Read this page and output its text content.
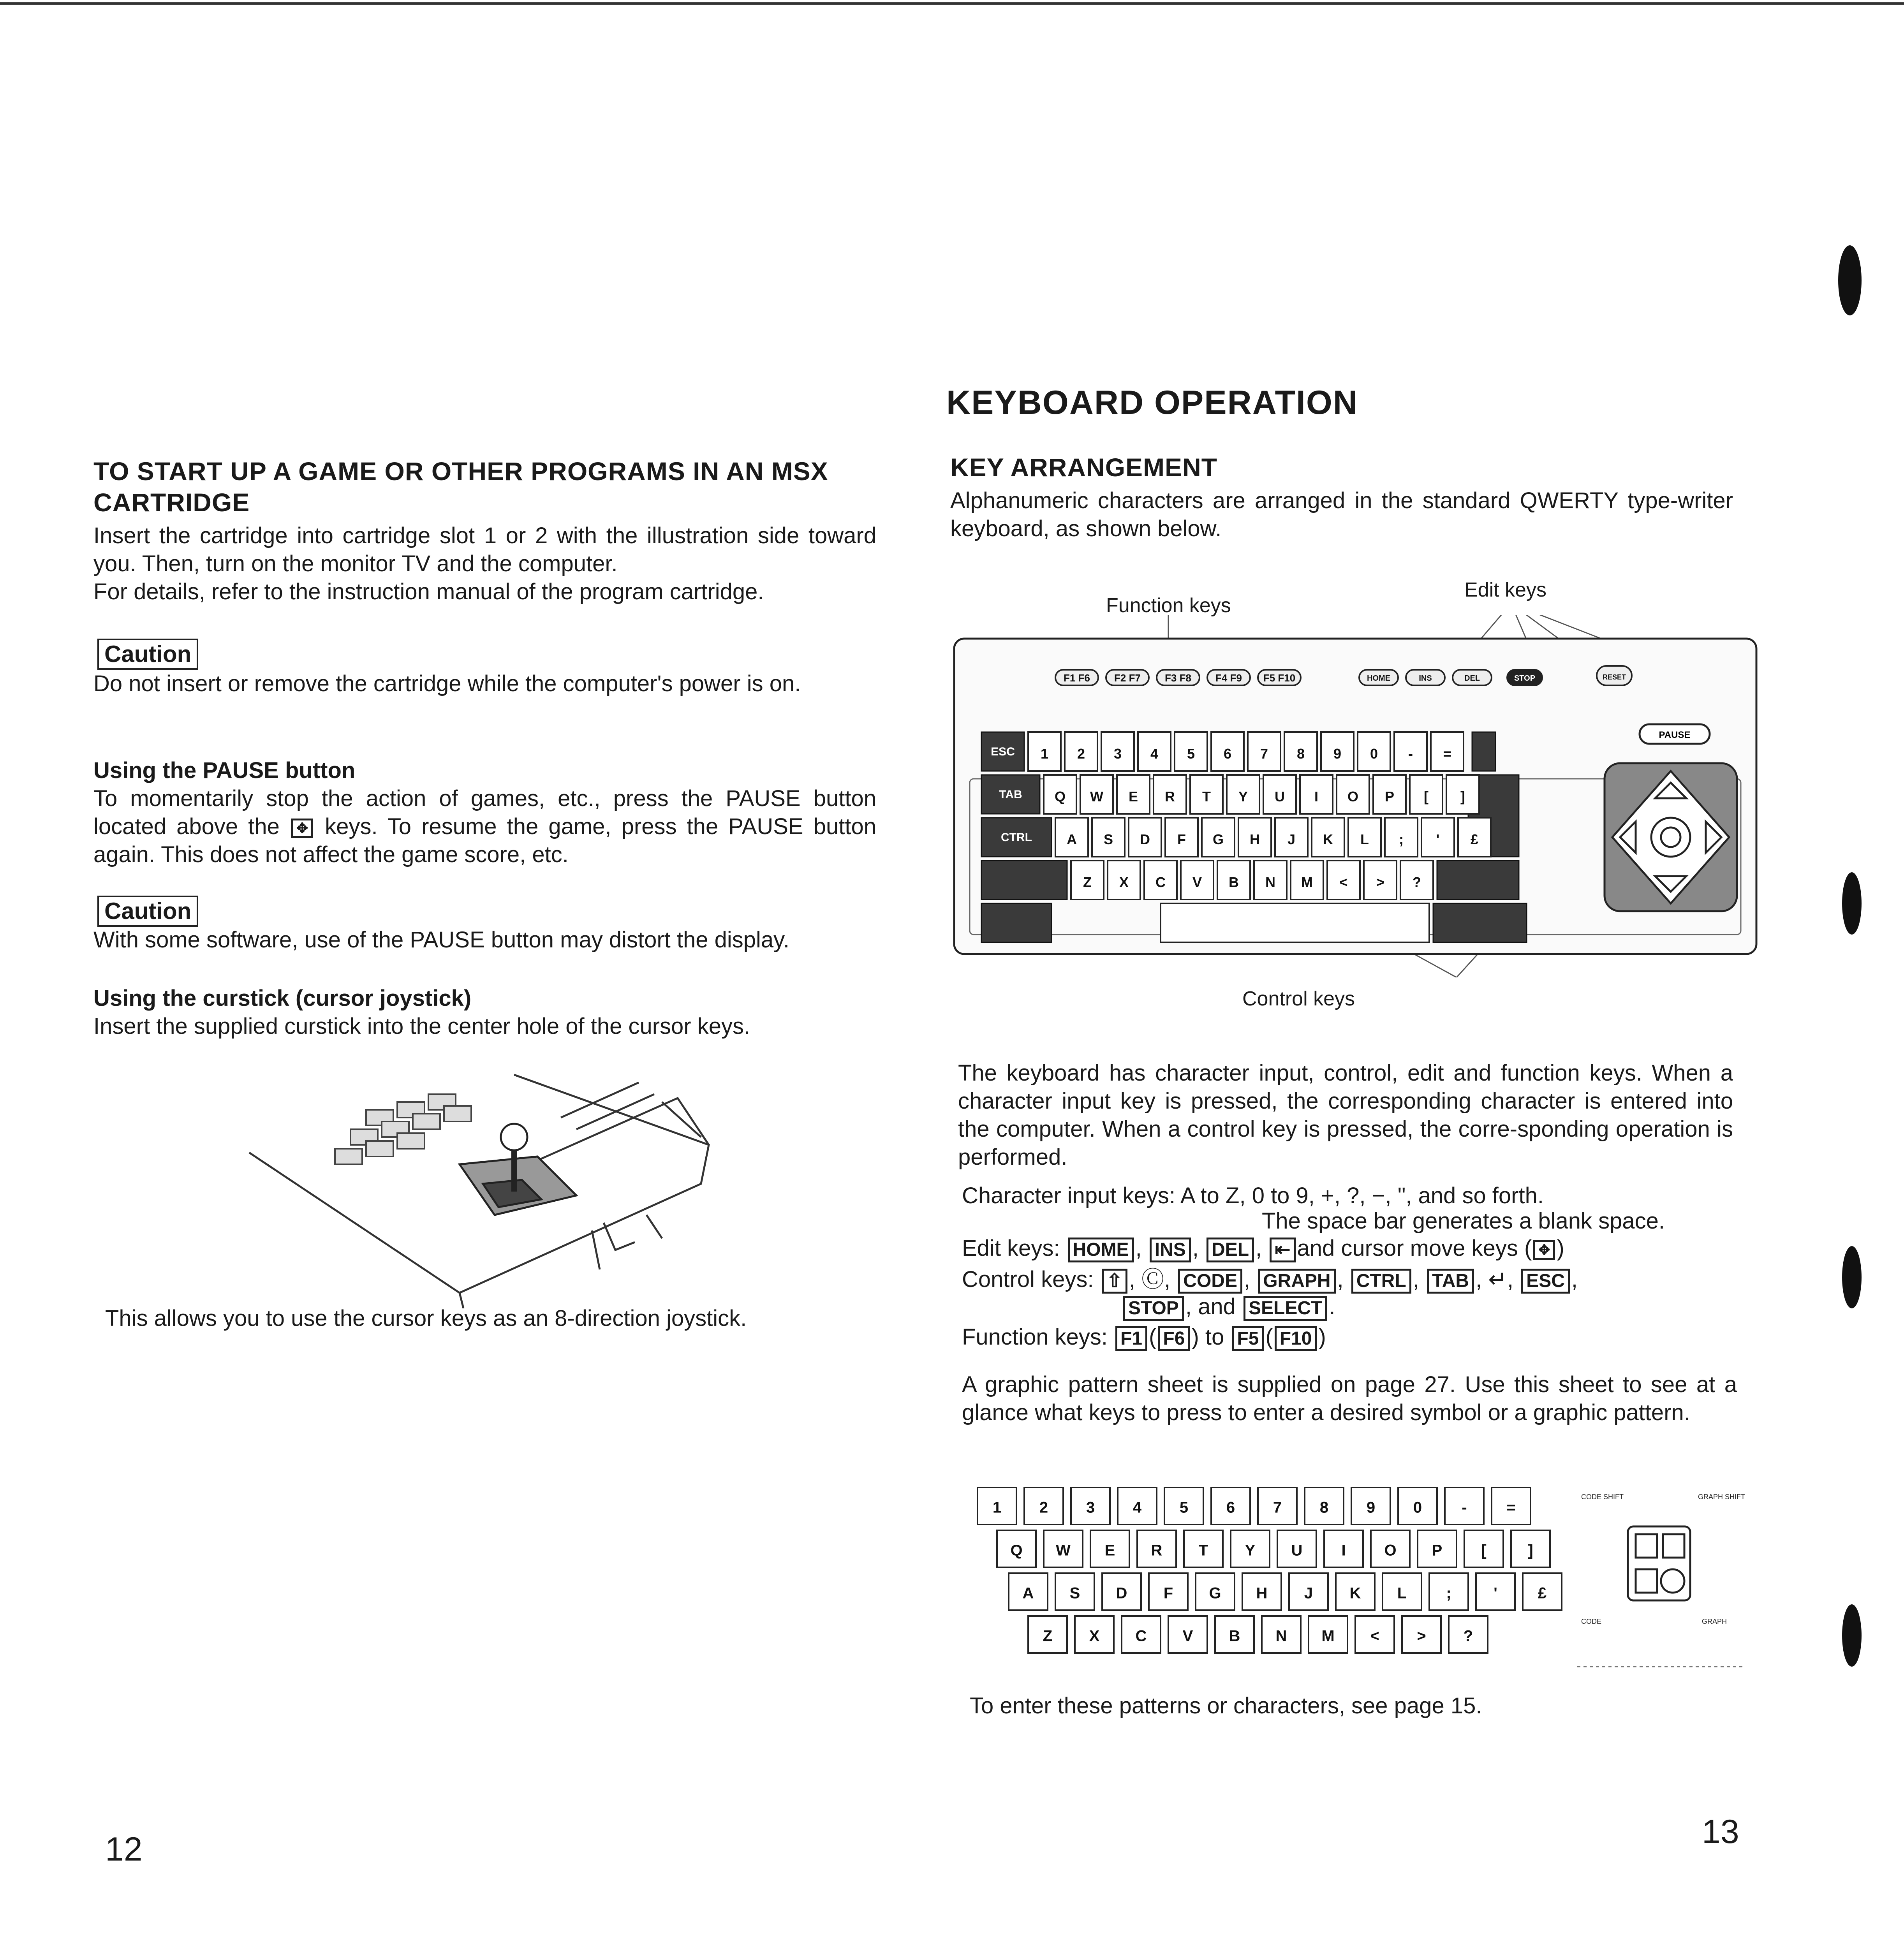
TO START UP A GAME OR OTHER PROGRAMS IN AN MSX CARTRIDGE

Insert the cartridge into cartridge slot 1 or 2 with the illustration side toward you. Then, turn on the monitor TV and the computer.

For details, refer to the instruction manual of the program cartridge.

Caution

Do not insert or remove the cartridge while the computer's power is on.

Using the PAUSE button

To momentarily stop the action of games, etc., press the PAUSE button located above the ✥ keys. To resume the game, press the PAUSE button again. This does not affect the game score, etc.

Caution

With some software, use of the PAUSE button may distort the display.

Using the curstick (cursor joystick)

Insert the supplied curstick into the center hole of the cursor keys.

This allows you to use the cursor keys as an 8-direction joystick.

12
KEYBOARD OPERATION
KEY ARRANGEMENT

Alphanumeric characters are arranged in the standard QWERTY type-writer keyboard, as shown below.

Function keys
Edit keys
Control keys
F1 F6 F2 F7 F3 F8 F4 F9 F5 F10	HOME	INS	DEL	STOP	RESET
PAUSE
ESC
TAB
CTRL
1 2 3 4 5 6 7 8 9 0 - =
Q W E R T Y U I O P [ ]
A S D F G H J K L ; ' £
Z X C V B N M < > ?

The keyboard has character input, control, edit and function keys. When a character input key is pressed, the corresponding character is entered into the computer. When a control key is pressed, the corre-sponding operation is performed.

Character input keys: A to Z, 0 to 9, +, ?, −, ", and so forth.

The space bar generates a blank space.

Edit keys: HOME , INS , DEL , ⇤ and cursor move keys ( ✥ )

Control keys: ⇧ , Ⓒ, CODE , GRAPH , CTRL , TAB , ↵, ESC ,

STOP , and SELECT .

Function keys: F1 ( F6 ) to F5 ( F10 )

A graphic pattern sheet is supplied on page 27. Use this sheet to see at a glance what keys to press to enter a desired symbol or a graphic pattern.

1 2 3 4 5 6 7 8 9 0	-	=
Q W E R T Y U I O P [	]
A S D F G H J K L	;	'	£
Z X C V B N M < > ?
CODE SHIFT	GRAPH SHIFT
CODE	GRAPH

To enter these patterns or characters, see page 15.

13
